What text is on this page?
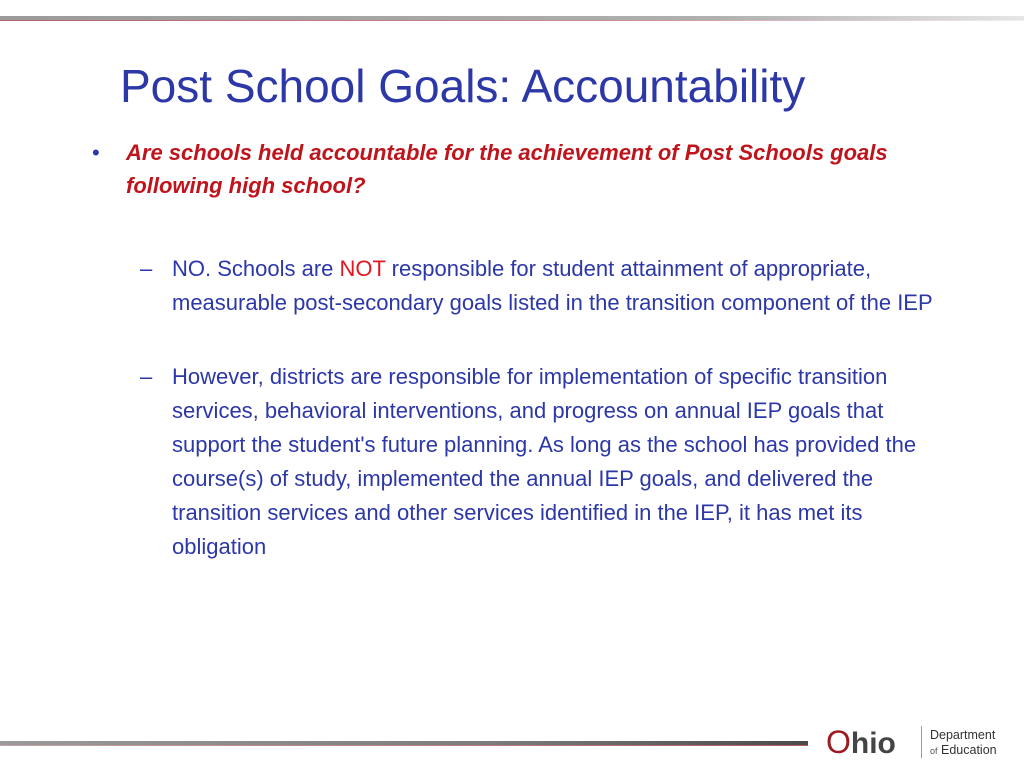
Post School Goals: Accountability
• Are schools held accountable for the achievement of Post Schools goals following high school?
– NO. Schools are NOT responsible for student attainment of appropriate, measurable post-secondary goals listed in the transition component of the IEP
– However, districts are responsible for implementation of specific transition services, behavioral interventions, and progress on annual IEP goals that support the student's future planning. As long as the school has provided the course(s) of study, implemented the annual IEP goals, and delivered the transition services and other services identified in the IEP, it has met its obligation
Ohio	Department
of Education
